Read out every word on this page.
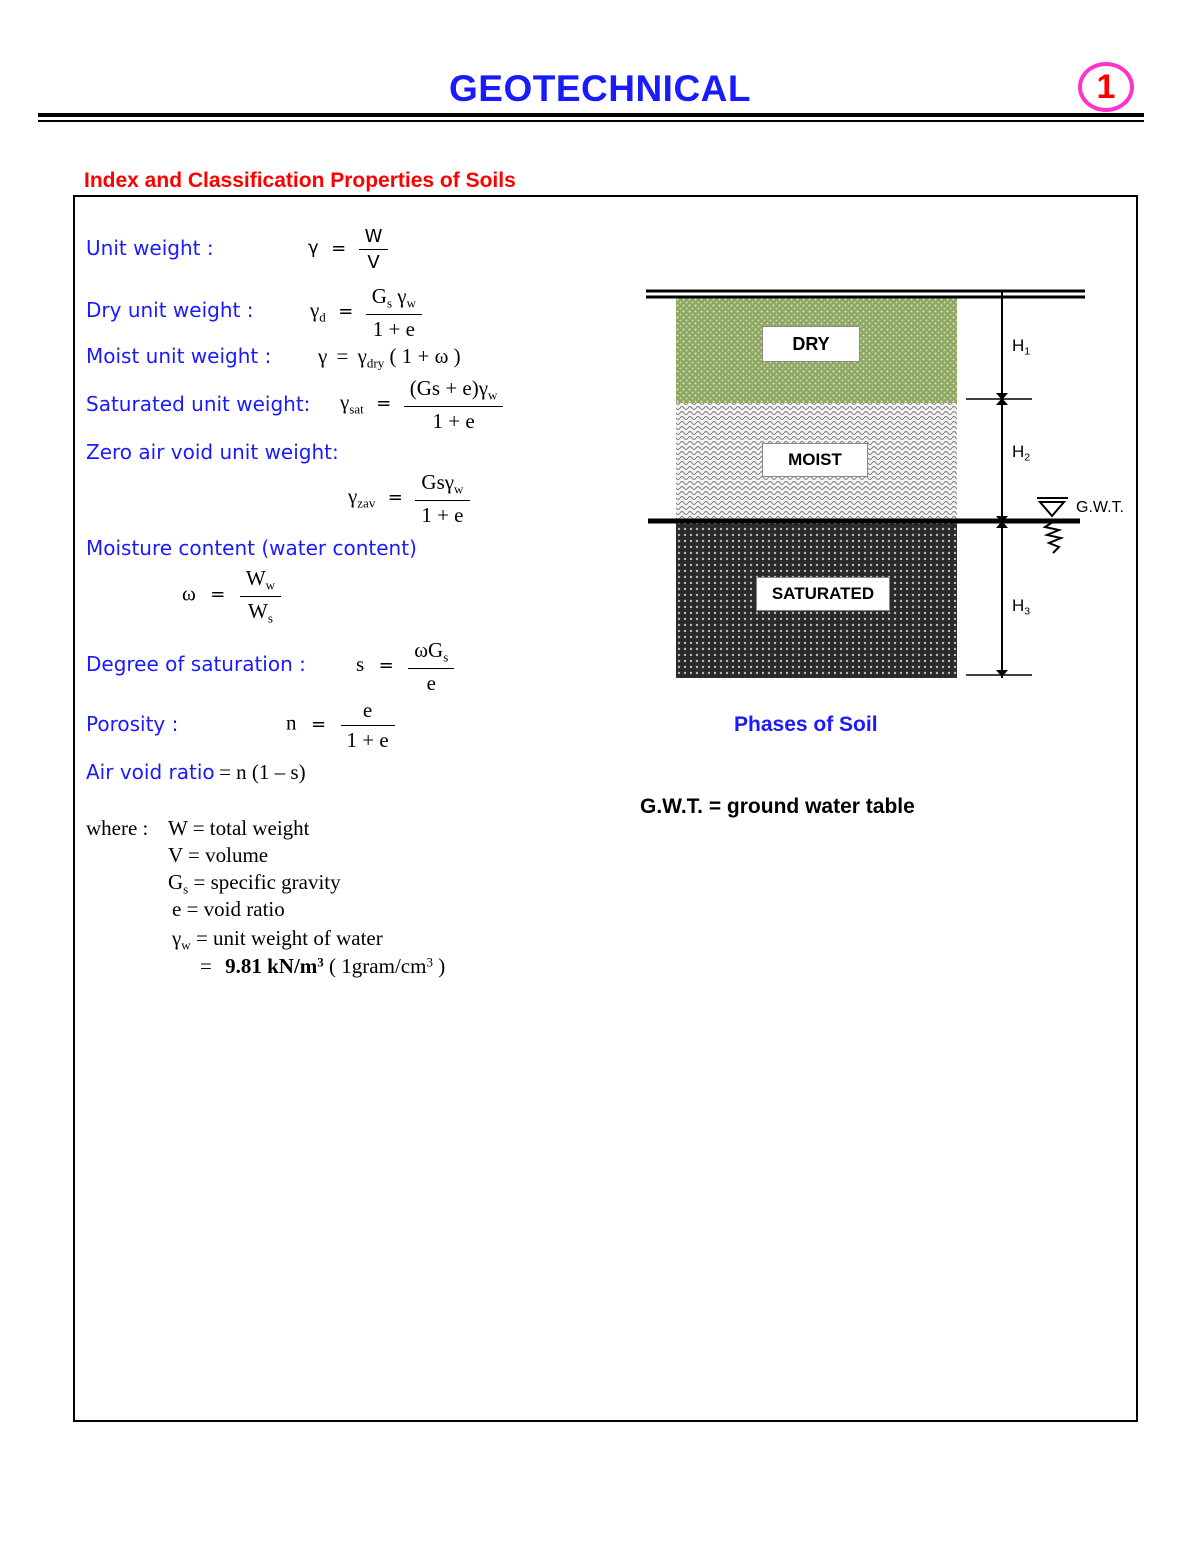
GEOTECHNICAL	1
Index and Classification Properties of Soils
Unit weight :	$\gamma = \frac{W}{V}$
Dry unit weight :	$\gamma_d = \frac{G_s \gamma_w}{1 + e}$
Moist unit weight : $\gamma = \gamma_{dry}$ ( 1 + ω )
Saturated unit weight: $\gamma_{sat} = \frac{(Gs + e)\gamma_w}{1 + e}$
Zero air void unit weight:
$\gamma_{zav} = \frac{Gs\gamma_w}{1 + e}$
Moisture content (water content)
$\omega = \frac{W_w}{W_s}$
Degree of saturation : $s = \frac{\omega G_s}{e}$
Porosity :	$n = \frac{e}{1 + e}$
Air void ratio = n (1 – s)
where : W = total weight
V = volume
$G_s$ = specific gravity
e = void ratio
$\gamma_w$ = unit weight of water
= 9.81 $kN/m^3$ ( $1gram/cm^3$ )
DRY
MOIST
SATURATED
$H_1$
$H_2$
$H_3$
G.W.T.
Phases of Soil
G.W.T. = ground water table
